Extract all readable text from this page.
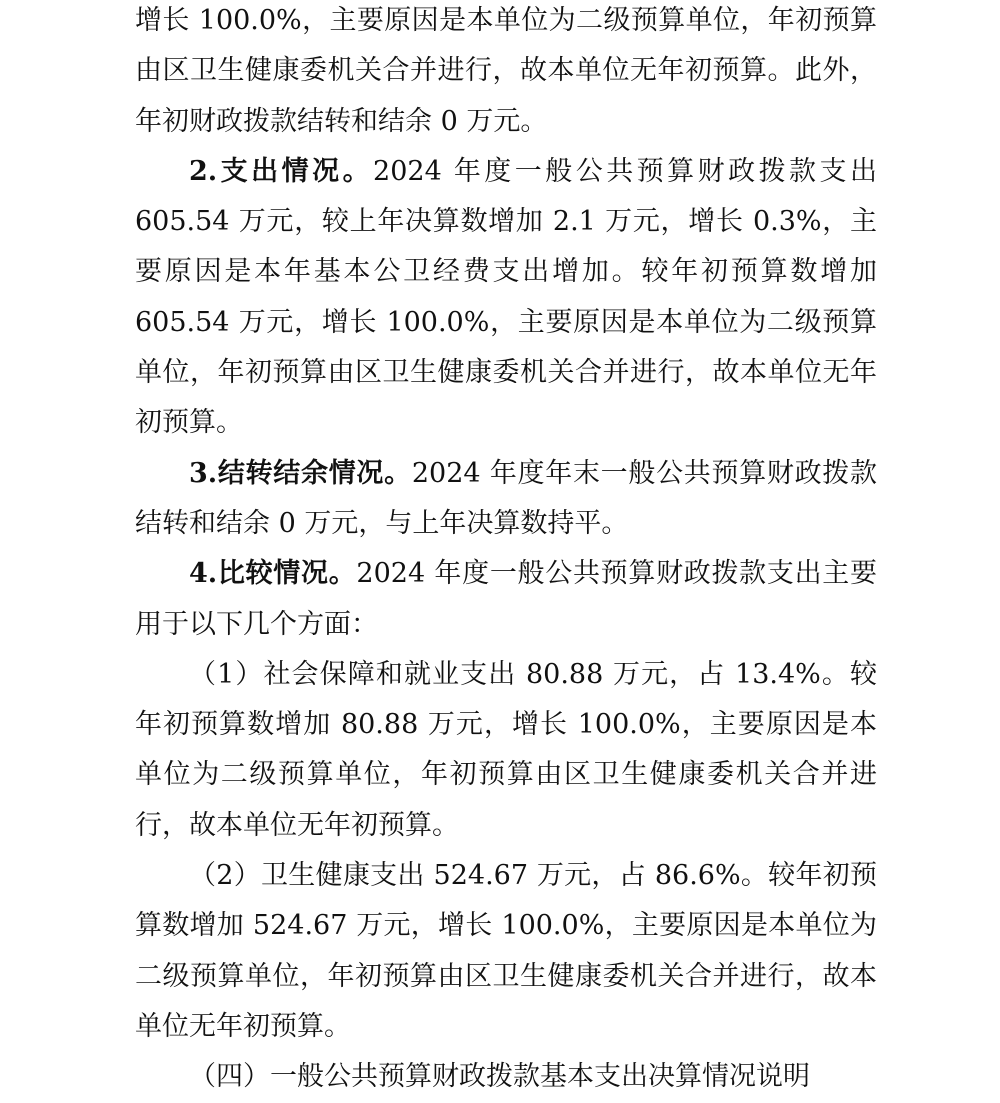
增长 100.0%，主要原因是本单位为二级预算单位，年初预算由区卫生健康委机关合并进行，故本单位无年初预算。此外，年初财政拨款结转和结余 0 万元。

2.支出情况。2024 年度一般公共预算财政拨款支出 605.54 万元，较上年决算数增加 2.1 万元，增长 0.3%，主要原因是本年基本公卫经费支出增加。较年初预算数增加 605.54 万元，增长 100.0%，主要原因是本单位为二级预算单位，年初预算由区卫生健康委机关合并进行，故本单位无年初预算。

3.结转结余情况。2024 年度年末一般公共预算财政拨款结转和结余 0 万元，与上年决算数持平。

4.比较情况。2024 年度一般公共预算财政拨款支出主要用于以下几个方面：

（1）社会保障和就业支出 80.88 万元，占 13.4%。较年初预算数增加 80.88 万元，增长 100.0%，主要原因是本单位为二级预算单位，年初预算由区卫生健康委机关合并进行，故本单位无年初预算。

（2）卫生健康支出 524.67 万元，占 86.6%。较年初预算数增加 524.67 万元，增长 100.0%，主要原因是本单位为二级预算单位，年初预算由区卫生健康委机关合并进行，故本单位无年初预算。

（四）一般公共预算财政拨款基本支出决算情况说明
